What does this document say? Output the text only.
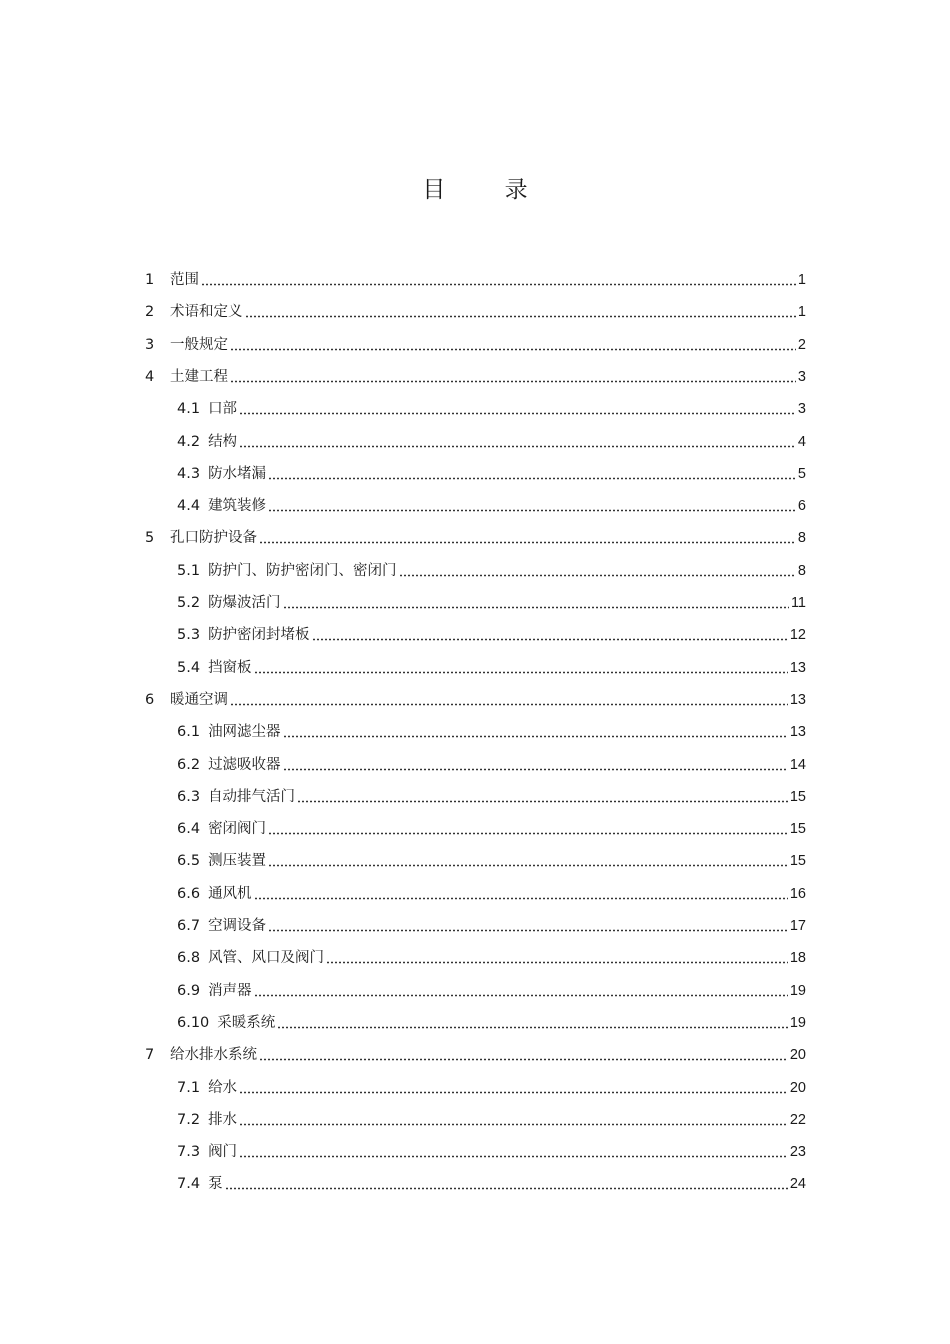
目 录
1	范围	1
2	术语和定义	1
3	一般规定	2
4	土建工程	3
4.1 口部	3
4.2 结构	4
4.3 防水堵漏	5
4.4 建筑装修	6
5	孔口防护设备	8
5.1 防护门、防护密闭门、密闭门	8
5.2 防爆波活门	11
5.3 防护密闭封堵板	12
5.4 挡窗板	13
6	暖通空调	13
6.1 油网滤尘器	13
6.2 过滤吸收器	14
6.3 自动排气活门	15
6.4 密闭阀门	15
6.5 测压装置	15
6.6 通风机	16
6.7 空调设备	17
6.8 风管、风口及阀门	18
6.9 消声器	19
6.10 采暖系统	19
7	给水排水系统	20
7.1 给水	20
7.2 排水	22
7.3 阀门	23
7.4 泵	24
